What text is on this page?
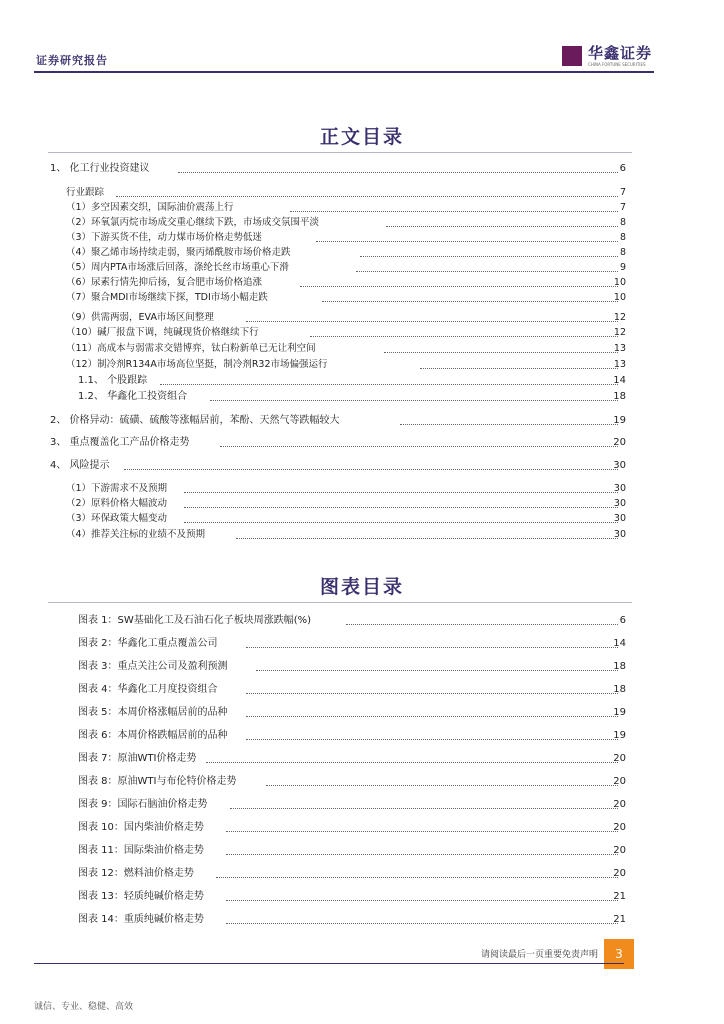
证券研究报告	华鑫证券
CHINA FORTUNE SECURITIES
正文目录
1、 化工行业投资建议	6
行业跟踪	7
（1）多空因素交织，国际油价震荡上行	7
（2）环氧氯丙烷市场成交重心继续下跌，市场成交氛围平淡	8
（3）下游买货不佳，动力煤市场价格走势低迷	8
（4）聚乙烯市场持续走弱，聚丙烯酰胺市场价格走跌	8
（5）周内PTA市场涨后回落，涤纶长丝市场重心下滑	9
（6）尿素行情先抑后扬，复合肥市场价格追涨	10
（7）聚合MDI市场继续下探，TDI市场小幅走跌	10
（9）供需两弱，EVA市场区间整理	12
（10）碱厂报盘下调，纯碱现货价格继续下行	12
（11）高成本与弱需求交错博弈，钛白粉新单已无让利空间	13
（12）制冷剂R134A市场高位坚挺，制冷剂R32市场偏强运行	13
1.1、 个股跟踪	14
1.2、 华鑫化工投资组合	18
2、 价格异动：硫磺、硫酸等涨幅居前，苯酚、天然气等跌幅较大	19
3、 重点覆盖化工产品价格走势	20
4、 风险提示	30
（1）下游需求不及预期	30
（2）原料价格大幅波动	30
（3）环保政策大幅变动	30
（4）推荐关注标的业绩不及预期	30
图表目录
图表 1：SW基础化工及石油石化子板块周涨跌幅(%)	6
图表 2：华鑫化工重点覆盖公司	14
图表 3：重点关注公司及盈利预测	18
图表 4：华鑫化工月度投资组合	18
图表 5：本周价格涨幅居前的品种	19
图表 6：本周价格跌幅居前的品种	19
图表 7：原油WTI价格走势	20
图表 8：原油WTI与布伦特价格走势	20
图表 9：国际石脑油价格走势	20
图表 10：国内柴油价格走势	20
图表 11：国际柴油价格走势	20
图表 12：燃料油价格走势	20
图表 13：轻质纯碱价格走势	21
图表 14：重质纯碱价格走势	21
请阅读最后一页重要免责声明	3
诚信、专业、稳健、高效
